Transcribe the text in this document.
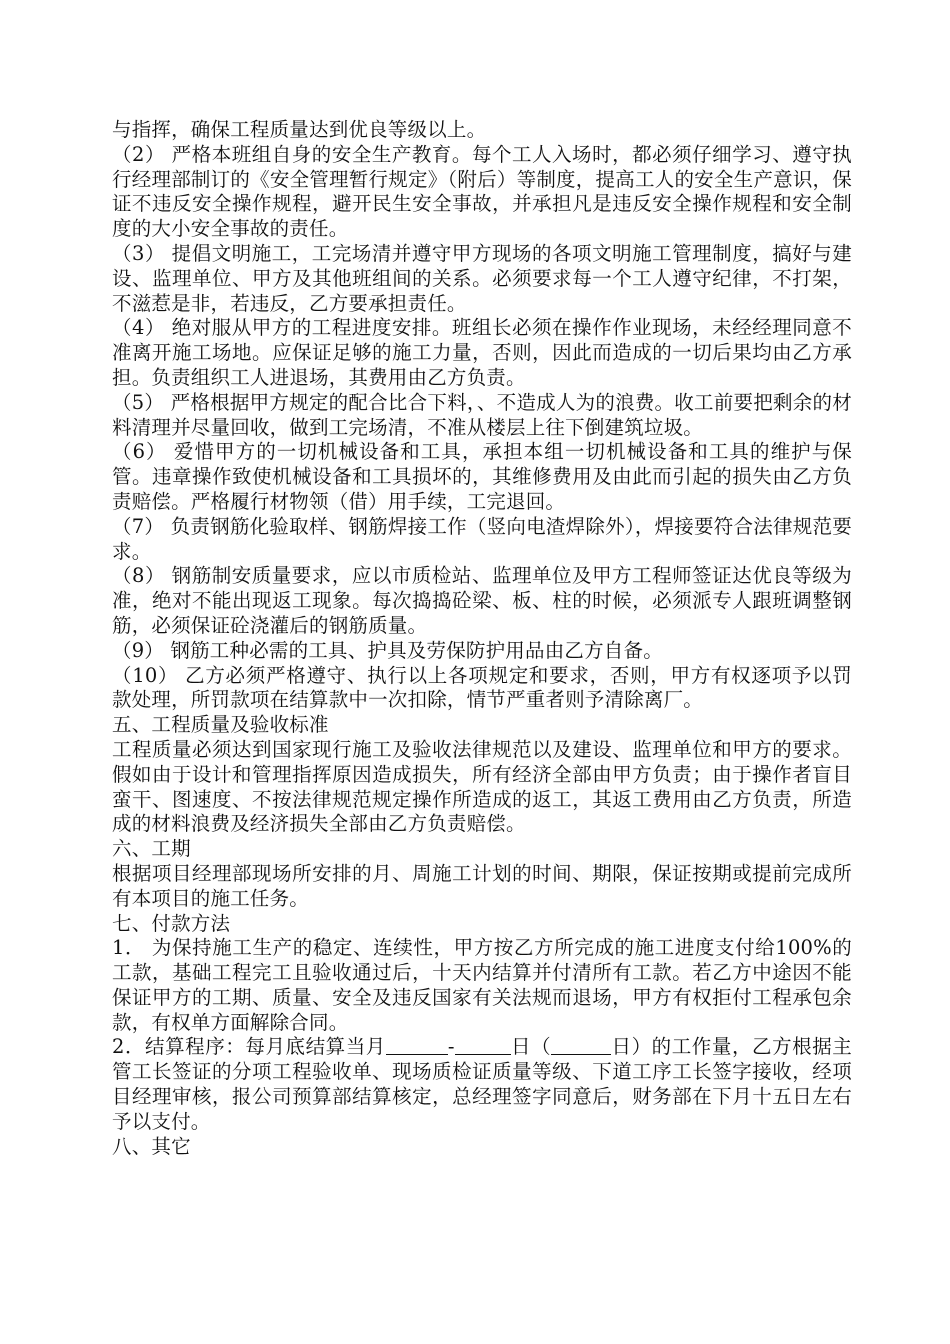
与指挥，确保工程质量达到优良等级以上。

（2） 严格本班组自身的安全生产教育。每个工人入场时，都必须仔细学习、遵守执行经理部制订的《安全管理暂行规定》（附后）等制度，提高工人的安全生产意识，保证不违反安全操作规程，避开民生安全事故，并承担凡是违反安全操作规程和安全制度的大小安全事故的责任。

（3） 提倡文明施工，工完场清并遵守甲方现场的各项文明施工管理制度，搞好与建设、监理单位、甲方及其他班组间的关系。必须要求每一个工人遵守纪律，不打架，不滋惹是非，若违反，乙方要承担责任。

（4） 绝对服从甲方的工程进度安排。班组长必须在操作作业现场，未经经理同意不准离开施工场地。应保证足够的施工力量，否则，因此而造成的一切后果均由乙方承担。负责组织工人进退场，其费用由乙方负责。

（5） 严格根据甲方规定的配合比合下料，、不造成人为的浪费。收工前要把剩余的材料清理并尽量回收，做到工完场清，不准从楼层上往下倒建筑垃圾。

（6） 爱惜甲方的一切机械设备和工具，承担本组一切机械设备和工具的维护与保管。违章操作致使机械设备和工具损坏的，其维修费用及由此而引起的损失由乙方负责赔偿。严格履行材物领（借）用手续，工完退回。

（7） 负责钢筋化验取样、钢筋焊接工作（竖向电渣焊除外），焊接要符合法律规范要求。

（8） 钢筋制安质量要求，应以市质检站、监理单位及甲方工程师签证达优良等级为准，绝对不能出现返工现象。每次捣捣砼梁、板、柱的时候，必须派专人跟班调整钢筋，必须保证砼浇灌后的钢筋质量。

（9） 钢筋工种必需的工具、护具及劳保防护用品由乙方自备。

（10） 乙方必须严格遵守、执行以上各项规定和要求，否则，甲方有权逐项予以罚款处理，所罚款项在结算款中一次扣除，情节严重者则予清除离厂。

五、工程质量及验收标准

工程质量必须达到国家现行施工及验收法律规范以及建设、监理单位和甲方的要求。假如由于设计和管理指挥原因造成损失，所有经济全部由甲方负责；由于操作者盲目蛮干、图速度、不按法律规范规定操作所造成的返工，其返工费用由乙方负责，所造成的材料浪费及经济损失全部由乙方负责赔偿。

六、工期

根据项目经理部现场所安排的月、周施工计划的时间、期限，保证按期或提前完成所有本项目的施工任务。

七、付款方法

1． 为保持施工生产的稳定、连续性，甲方按乙方所完成的施工进度支付给100%的工款，基础工程完工且验收通过后，十天内结算并付清所有工款。若乙方中途因不能保证甲方的工期、质量、安全及违反国家有关法规而退场，甲方有权拒付工程承包余款，有权单方面解除合同。

2．结算程序：每月底结算当月	-	日（	日）的工作量，乙方根据主管工长签证的分项工程验收单、现场质检证质量等级、下道工序工长签字接收，经项目经理审核，报公司预算部结算核定，总经理签字同意后，财务部在下月十五日左右予以支付。

八、其它
